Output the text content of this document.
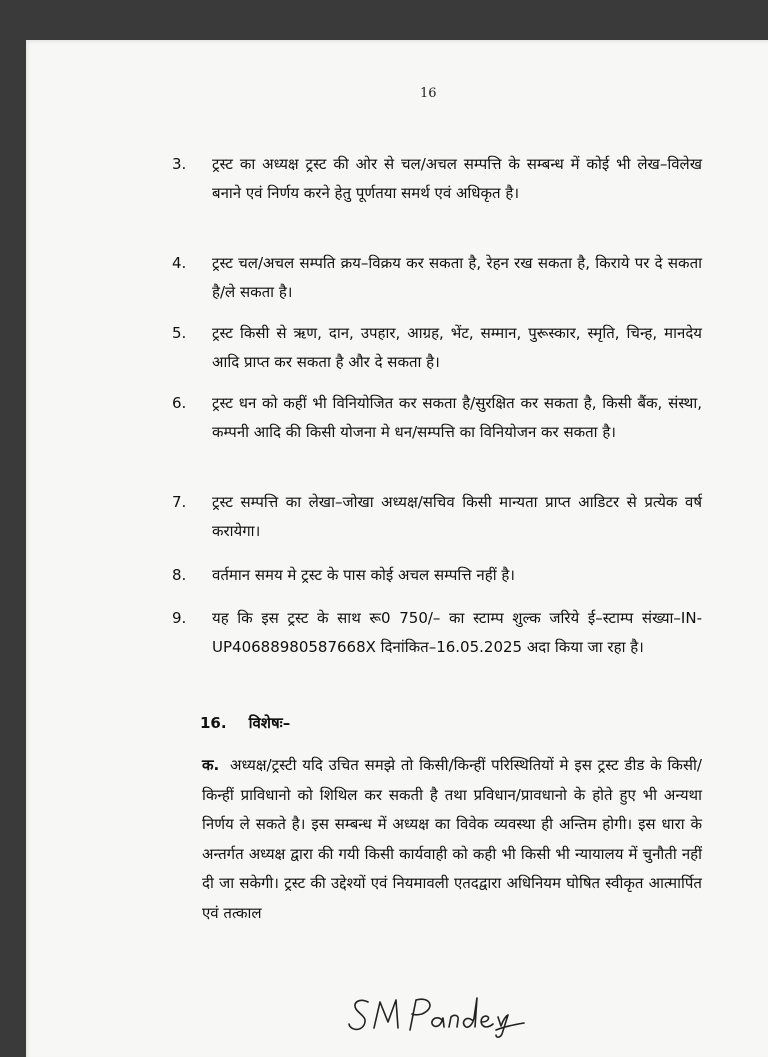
16
3.	ट्रस्ट का अध्यक्ष ट्रस्ट की ओर से चल/अचल सम्पत्ति के सम्बन्ध में कोई भी लेख–विलेख बनाने एवं निर्णय करने हेतु पूर्णतया समर्थ एवं अधिकृत है।
4.	ट्रस्ट चल/अचल सम्पति क्रय–विक्रय कर सकता है, रेहन रख सकता है, किराये पर दे सकता है/ले सकता है।
5.	ट्रस्ट किसी से ऋण, दान, उपहार, आग्रह, भेंट, सम्मान, पुरूस्कार, स्मृति, चिन्ह, मानदेय आदि प्राप्त कर सकता है और दे सकता है।
6.	ट्रस्ट धन को कहीं भी विनियोजित कर सकता है/सुरक्षित कर सकता है, किसी बैंक, संस्था, कम्पनी आदि की किसी योजना मे धन/सम्पत्ति का विनियोजन कर सकता है।
7.	ट्रस्ट सम्पत्ति का लेखा–जोखा अध्यक्ष/सचिव किसी मान्यता प्राप्त आडिटर से प्रत्येक वर्ष करायेगा।
8.	वर्तमान समय मे ट्रस्ट के पास कोई अचल सम्पत्ति नहीं है।
9.	यह कि इस ट्रस्ट के साथ रू0 750/– का स्टाम्प शुल्क जरिये ई–स्टाम्प संख्या–IN-UP40688980587668X दिनांकित–16.05.2025 अदा किया जा रहा है।
16. विशेषः–
क. अध्यक्ष/ट्रस्टी यदि उचित समझे तो किसी/किन्हीं परिस्थितियों मे इस ट्रस्ट डीड के किसी/किन्हीं प्राविधानो को शिथिल कर सकती है तथा प्रविधान/प्रावधानो के होते हुए भी अन्यथा निर्णय ले सकते है। इस सम्बन्ध में अध्यक्ष का विवेक व्यवस्था ही अन्तिम होगी। इस धारा के अन्तर्गत अध्यक्ष द्वारा की गयी किसी कार्यवाही को कही भी किसी भी न्यायालय में चुनौती नहीं दी जा सकेगी। ट्रस्ट की उद्देश्यों एवं नियमावली एतदद्वारा अधिनियम घोषित स्वीकृत आत्मार्पित एवं तत्काल
